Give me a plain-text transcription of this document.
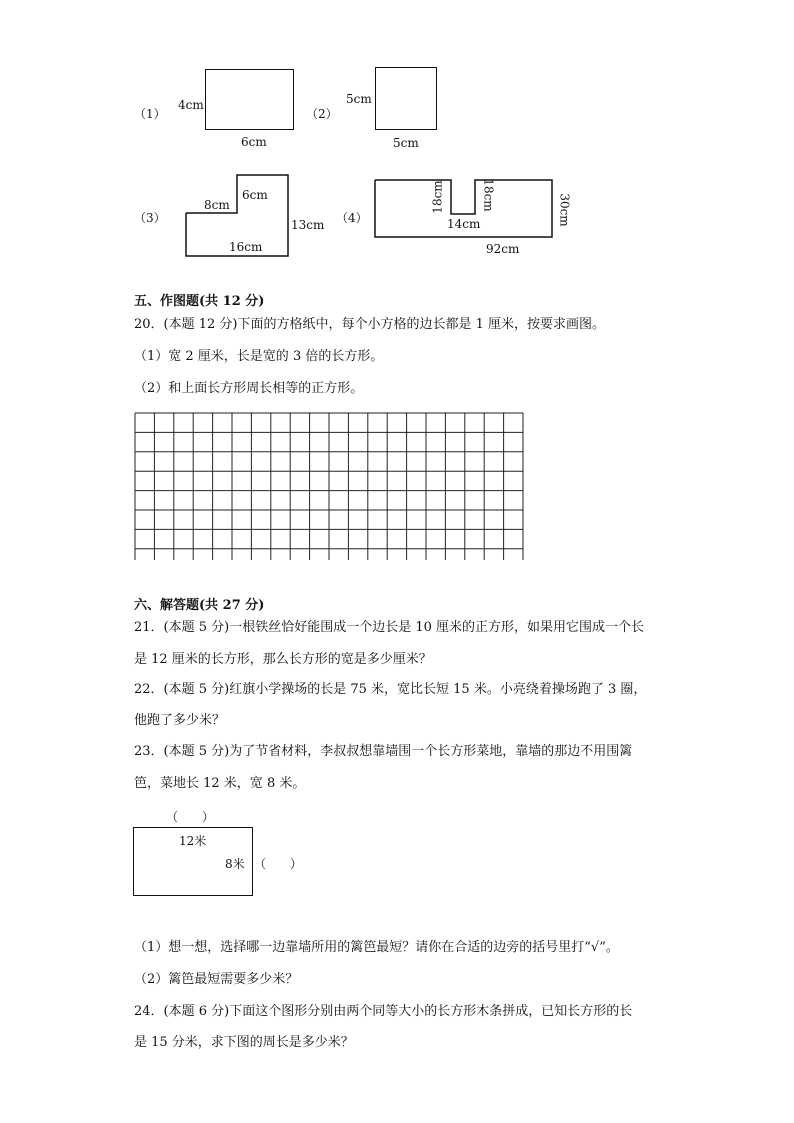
（1）
4cm
6cm
（2）
5cm
5cm
（3）
8cm
6cm
13cm
16cm
（4）
18cm	18cm
14cm	30cm
92cm
五、作图题(共 12 分)
20．(本题 12 分)下面的方格纸中，每个小方格的边长都是 1 厘米，按要求画图。
（1）宽 2 厘米，长是宽的 3 倍的长方形。
（2）和上面长方形周长相等的正方形。
六、解答题(共 27 分)
21．(本题 5 分)一根铁丝恰好能围成一个边长是 10 厘米的正方形，如果用它围成一个长
是 12 厘米的长方形，那么长方形的宽是多少厘米？
22．(本题 5 分)红旗小学操场的长是 75 米，宽比长短 15 米。小亮绕着操场跑了 3 圈，
他跑了多少米？
23．(本题 5 分)为了节省材料，李叔叔想靠墙围一个长方形菜地，靠墙的那边不用围篱
笆，菜地长 12 米，宽 8 米。
（　　）
12米
8米 （　　）
（1）想一想，选择哪一边靠墙所用的篱笆最短？请你在合适的边旁的括号里打“√”。
（2）篱笆最短需要多少米？
24．(本题 6 分)下面这个图形分别由两个同等大小的长方形木条拼成，已知长方形的长
是 15 分米，求下图的周长是多少米？
